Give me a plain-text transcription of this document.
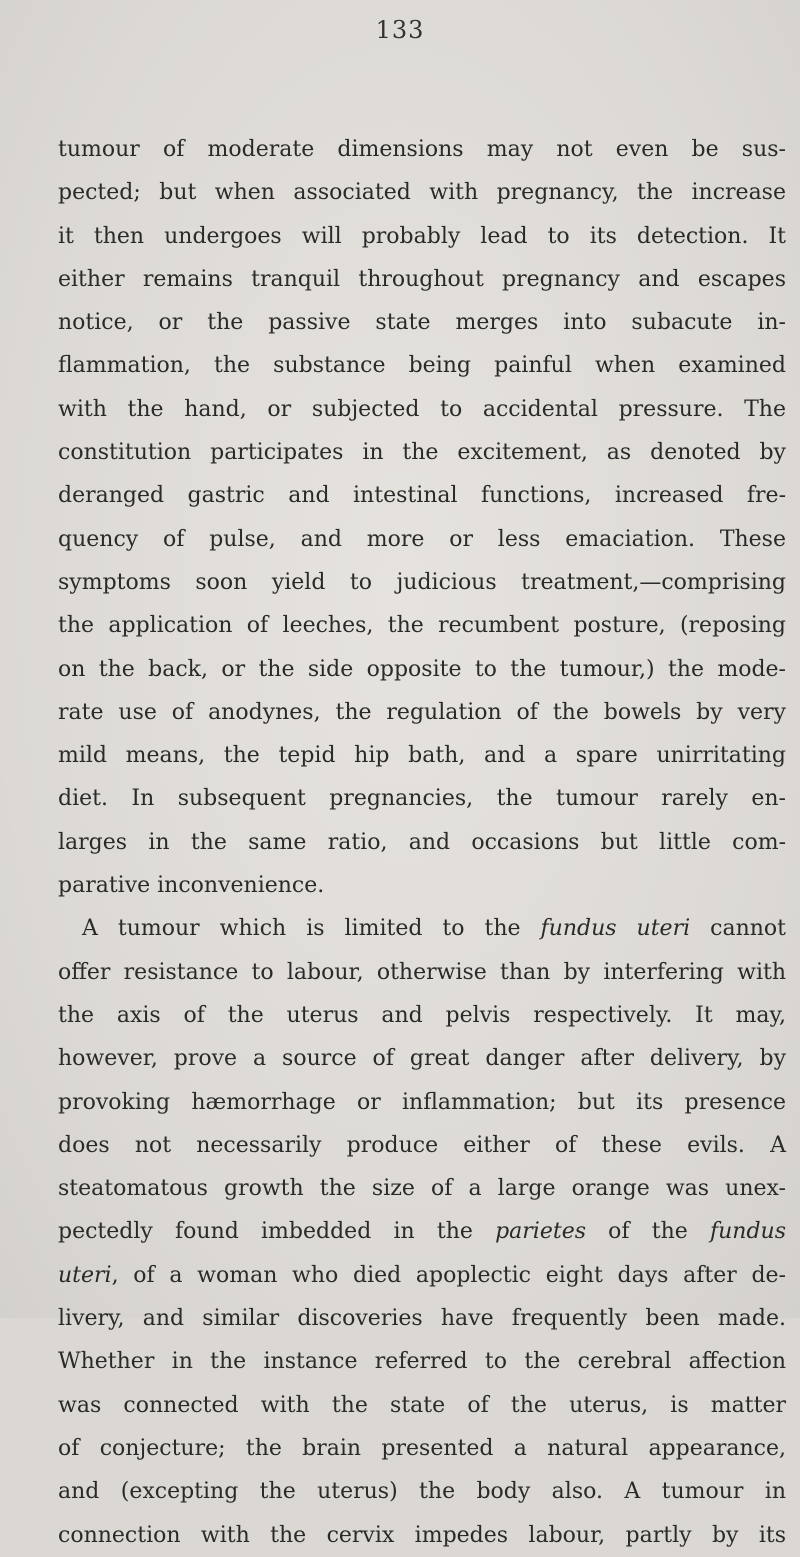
133
tumour of moderate dimensions may not even be sus-
pected; but when associated with pregnancy, the increase
it then undergoes will probably lead to its detection. It
either remains tranquil throughout pregnancy and escapes
notice, or the passive state merges into subacute in-
flammation, the substance being painful when examined
with the hand, or subjected to accidental pressure. The
constitution participates in the excitement, as denoted by
deranged gastric and intestinal functions, increased fre-
quency of pulse, and more or less emaciation. These
symptoms soon yield to judicious treatment,—comprising
the application of leeches, the recumbent posture, (reposing
on the back, or the side opposite to the tumour,) the mode-
rate use of anodynes, the regulation of the bowels by very
mild means, the tepid hip bath, and a spare unirritating
diet. In subsequent pregnancies, the tumour rarely en-
larges in the same ratio, and occasions but little com-
parative inconvenience.
A tumour which is limited to the fundus uteri cannot
offer resistance to labour, otherwise than by interfering with
the axis of the uterus and pelvis respectively. It may,
however, prove a source of great danger after delivery, by
provoking hæmorrhage or inflammation; but its presence
does not necessarily produce either of these evils. A
steatomatous growth the size of a large orange was unex-
pectedly found imbedded in the parietes of the fundus
uteri, of a woman who died apoplectic eight days after de-
livery, and similar discoveries have frequently been made.
Whether in the instance referred to the cerebral affection
was connected with the state of the uterus, is matter
of conjecture; the brain presented a natural appearance,
and (excepting the uterus) the body also. A tumour in
connection with the cervix impedes labour, partly by its
